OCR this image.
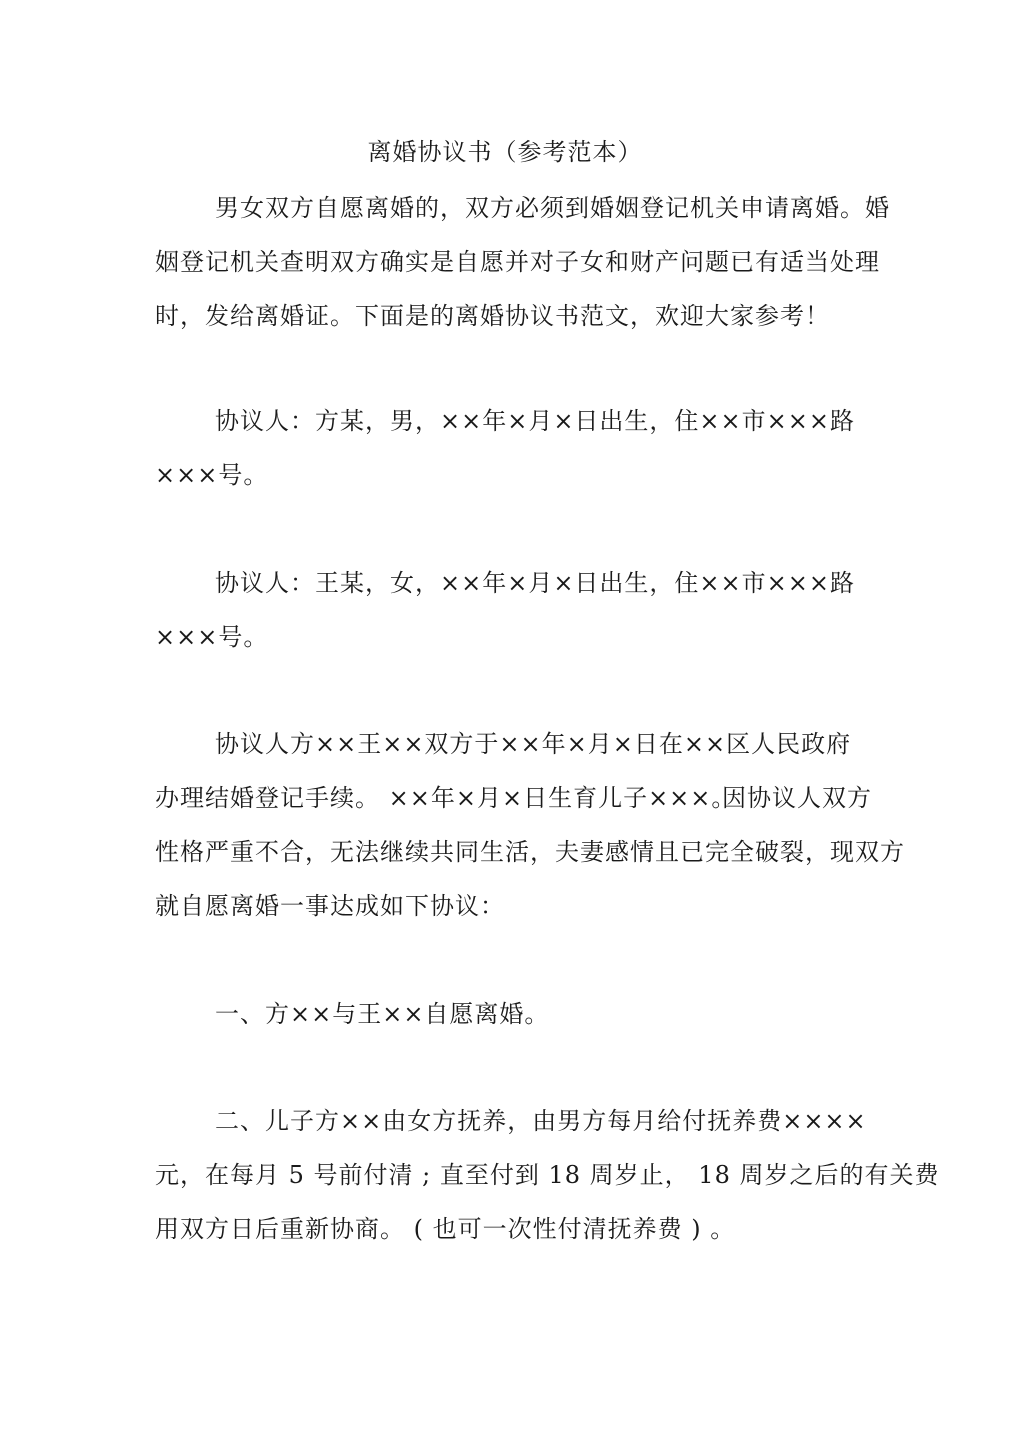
离婚协议书（参考范本）
男女双方自愿离婚的，双方必须到婚姻登记机关申请离婚。婚
姻登记机关查明双方确实是自愿并对子女和财产问题已有适当处理
时，发给离婚证。下面是的离婚协议书范文，欢迎大家参考！
协议人：方某，男，××年×月×日出生，住××市×××路
×××号。
协议人：王某，女，××年×月×日出生，住××市×××路
×××号。
协议人方××王××双方于××年×月×日在××区人民政府
办理结婚登记手续。 ××年×月×日生育儿子×××。
因协议人双方
性格严重不合，无法继续共同生活，夫妻感情且已完全破裂，现双方
就自愿离婚一事达成如下协议：
一、方××与王××自愿离婚。
二、儿子方××由女方抚养，由男方每月给付抚养费××××
元，在每月 5 号前付清 ; 直至付到 18 周岁止， 18 周岁之后的有关费
用双方日后重新协商。 ( 也可一次性付清抚养费 ) 。
